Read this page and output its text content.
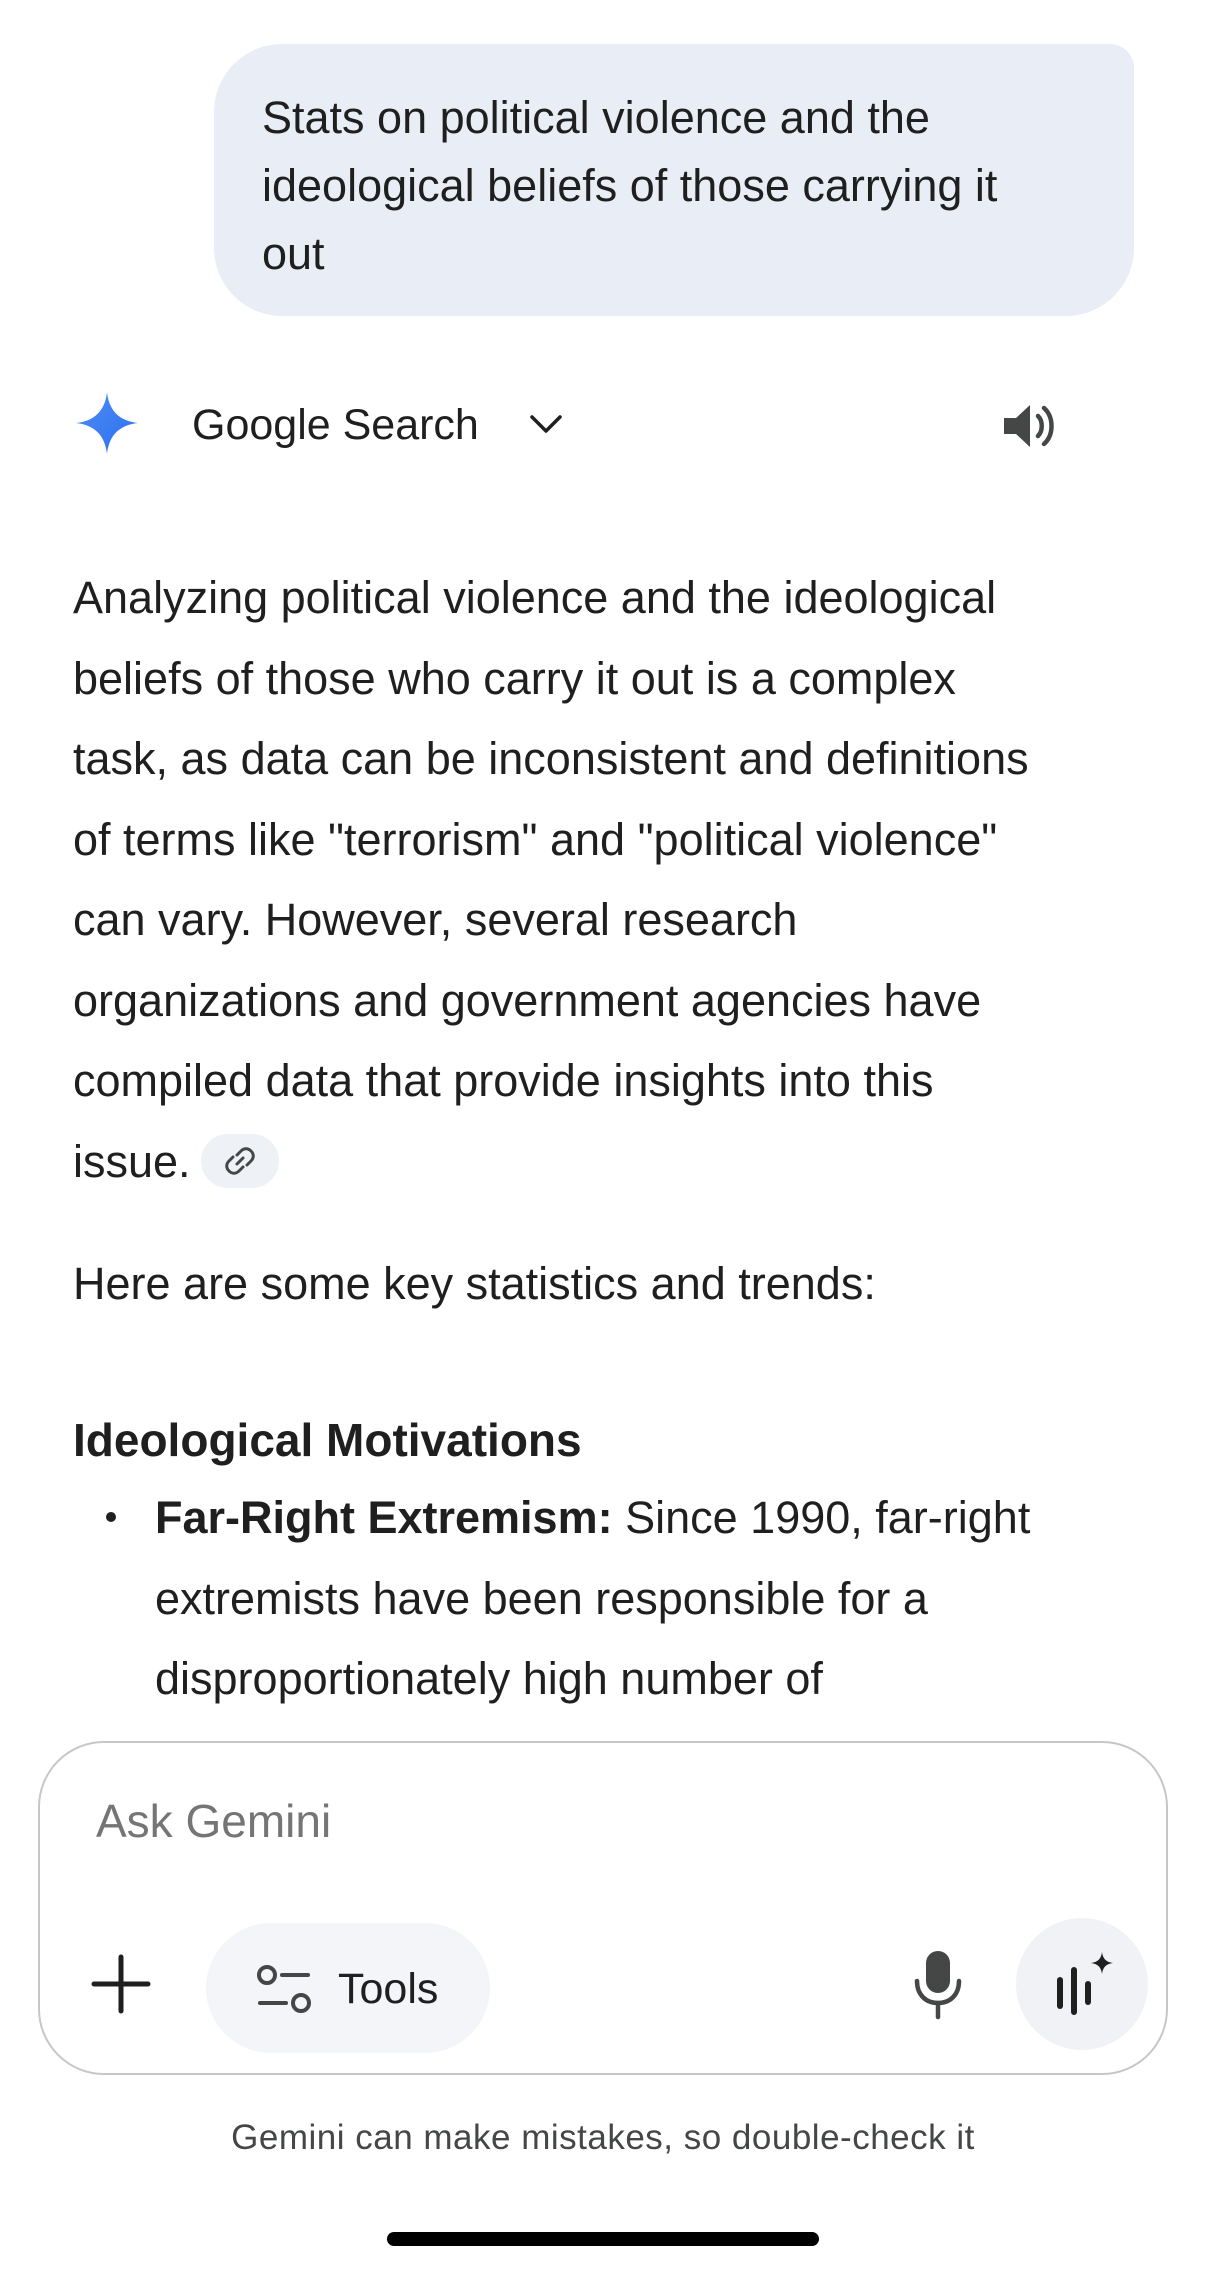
Stats on political violence and the
ideological beliefs of those carrying it
out
Google Search

Analyzing political violence and the ideological

beliefs of those who carry it out is a complex

task, as data can be inconsistent and definitions

of terms like "terrorism" and "political violence"

can vary. However, several research

organizations and government agencies have

compiled data that provide insights into this

issue.

Here are some key statistics and trends:
Ideological Motivations
Far-Right Extremism: Since 1990, far-right
extremists have been responsible for a
disproportionately high number of
Ask Gemini
Tools
Gemini can make mistakes, so double-check it
